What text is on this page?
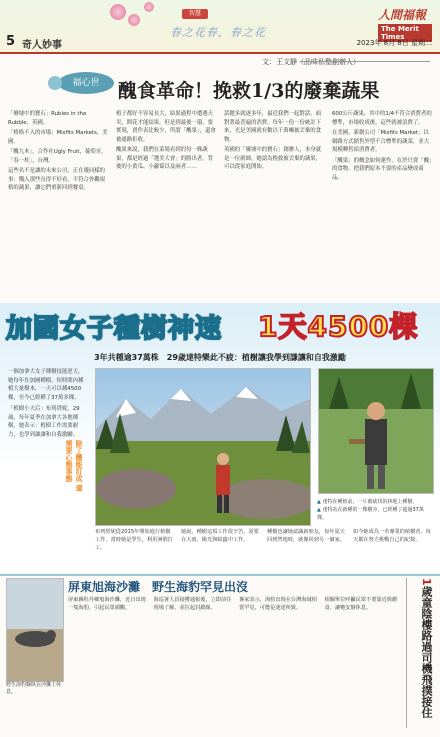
5 奇人妙事
智慧
春之花春，春之花
人間福報
The Merit Times
2023年 8月 8日 星期二
文：王文靜（品味私塾創辦人）
福心世 醜食革命！挽救1/3的廢棄蔬果

「廢墟中的寶石」Rubies in the Rubble，英國。

「格格不入的市場」Misfits Markets，美國。

「醜九木」，合作社Ugly Fruit，葡萄牙，「春一柱」，台灣。

這些名不是讓的未來公司，正在幾同樣的事：購入那些長得不好看，不符合外觀規格的蔬果，讓它們重新回到餐桌。

植子都好不容易長大，結果過程中遭遇天災，開花才能結果，但是到最後一環，要實現，賣作表比較少，所謂「醜果」，還會被通路拒收。

醜果來說，我們在菜場看到的每一株蔬果，都是經過「選美大會」的勝出者，背後的小黃瓜、小蘿蔔以及兩者……

話題多就逐多年，最近我們一起對話，面對著最普遍的消費。每年一份一份統計下來，光是美國就有數以千萬噸被丟棄的食物。

英國的「廢墟中的寶石」創辦人，本身就是一位廚師，她認為挽救被丟棄的蔬果，可以從家庭開始。

600公斤蔬果，其中的1/4不符合消費者的標準，市場收成後，這些就被浪費了。

在美國，新創公司「Misfits Market」以網路方式銷售外型不合標準的蔬菜，並大規模轉售給消費者。

「醜果」的概念如何運作，在於只賣「醜」的食物，把我們原本不要的產品變成商品。

加國女子種樹神速	1天4500棵
3年共種逾37萬株　29歲達特樂此不疲：植樹讓我學到謙讓和自我激勵

一個加拿大女子種樹技能逆天，她每年在加國種樹，短時間內種植大量樹木，一天可以種4500棵，至今已經種了37萬多棵。

「植樹小天后」布列塔妮，29歲，每年夏季在加拿大各地種樹，她表示：植樹工作需要耐力，也學到謙讓和自我激勵。

除了體能訂成 還需要心態事態
▲ 達特在種植前，一片被砍伐的林地上種樹。
▲ 達特站在新種的一棵樹旁，已經種了超過37萬棵。

布列塔妮從2015年開始進行植樹工作，當時她是學生，利用暑假打工。

她說，種樹這項工作很辛苦，需要在大雨、陽光與蚊蟲中工作。

種樹也讓她認識新朋友，每年夏天回到營地時，就像回到另一個家。

如今她成為一名專業的植樹者，每天都在努力挑戰自己的紀錄。

野生海豹躺臥在沙灘上休息。
屏東旭海沙灘　野生海豹罕見出沒

屏東縣牡丹鄉旭海沙灘，近日出現一隻海豹，引起民眾圍觀。

海巡署人員接獲通報後，立即前往現場了解，並拉起封鎖線。

專家表示，海豹出現在台灣海域相當罕見，可能是迷途所致。

相關單位呼籲民眾不要靠近與餵食，讓牠安靜休息。

1歲童陰樓路過司機飛撲接住
